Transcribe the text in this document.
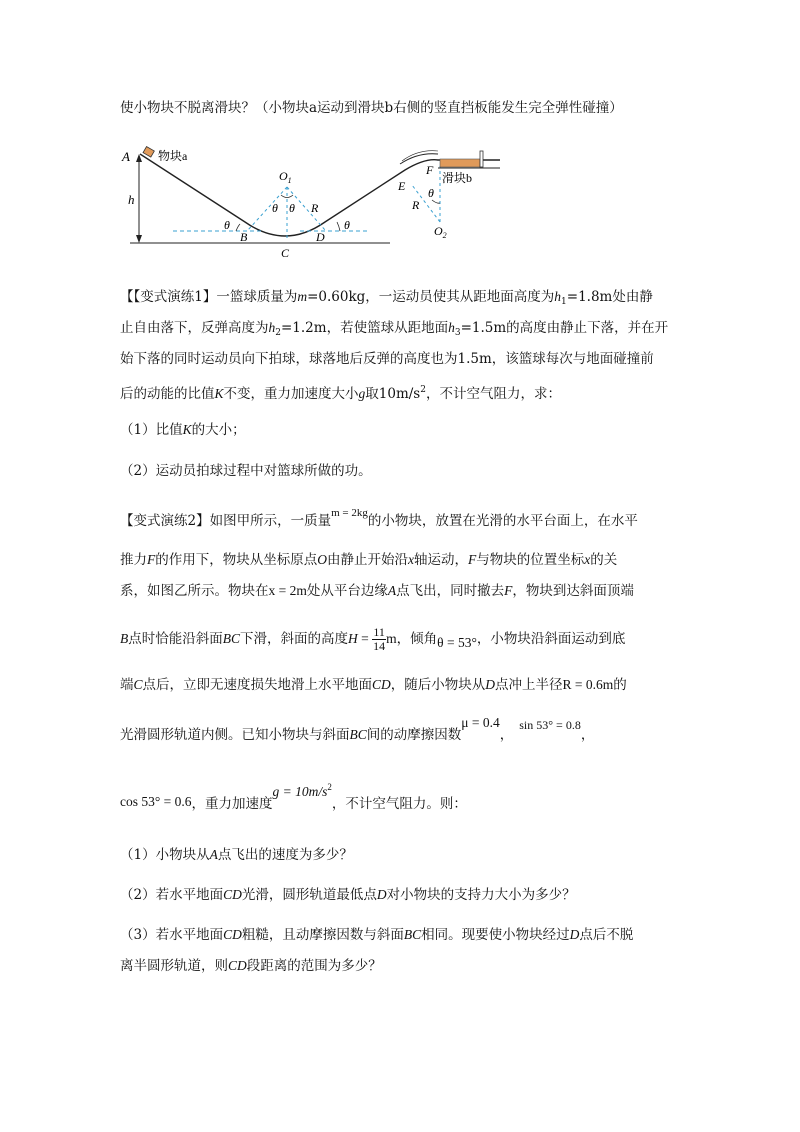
使小物块不脱离滑块？（小物块a运动到滑块b右侧的竖直挡板能发生完全弹性碰撞）
A 物块a
h
$O_1$
θ θ
θ	θ
R
B
C
D
E
F
滑块b
θ
R
$O_2$
【【变式演练1】一篮球质量为m=0.60kg，一运动员使其从距地面高度为$h_1=1.8m$处由静
止自由落下，反弹高度为$h_2=1.2m$，若使篮球从距地面$h_3=1.5m$的高度由静止下落，并在开
始下落的同时运动员向下拍球，球落地后反弹的高度也为1.5m，该篮球每次与地面碰撞前
后的动能的比值K不变，重力加速度大小g取$10m/s^2$，不计空气阻力，求：
（1）比值K的大小；
（2）运动员拍球过程中对篮球所做的功。
【变式演练2】如图甲所示，一质量$^{m = 2kg}$的小物块，放置在光滑的水平台面上，在水平
推力F的作用下，物块从坐标原点O由静止开始沿x轴运动，F与物块的位置坐标x的关
系，如图乙所示。物块在x = 2m处从平台边缘A点飞出，同时撤去F，物块到达斜面顶端
B点时恰能沿斜面BC下滑，斜面的高度$H = \frac{11}{14}$ m，倾角θ = 53°，小物块沿斜面运动到底
端C点后，立即无速度损失地滑上水平地面CD，随后小物块从D点冲上半径R = 0.6m的
光滑圆形轨道内侧。已知小物块与斜面BC间的动摩擦因数μ = 0.4，sin 53° = 0.8，
cos 53° = 0.6，重力加速度$g = 10m/s^2$，不计空气阻力。则：
（1）小物块从A点飞出的速度为多少？
（2）若水平地面CD光滑，圆形轨道最低点D对小物块的支持力大小为多少？
（3）若水平地面CD粗糙，且动摩擦因数与斜面BC相同。现要使小物块经过D点后不脱
离半圆形轨道，则CD段距离的范围为多少？
